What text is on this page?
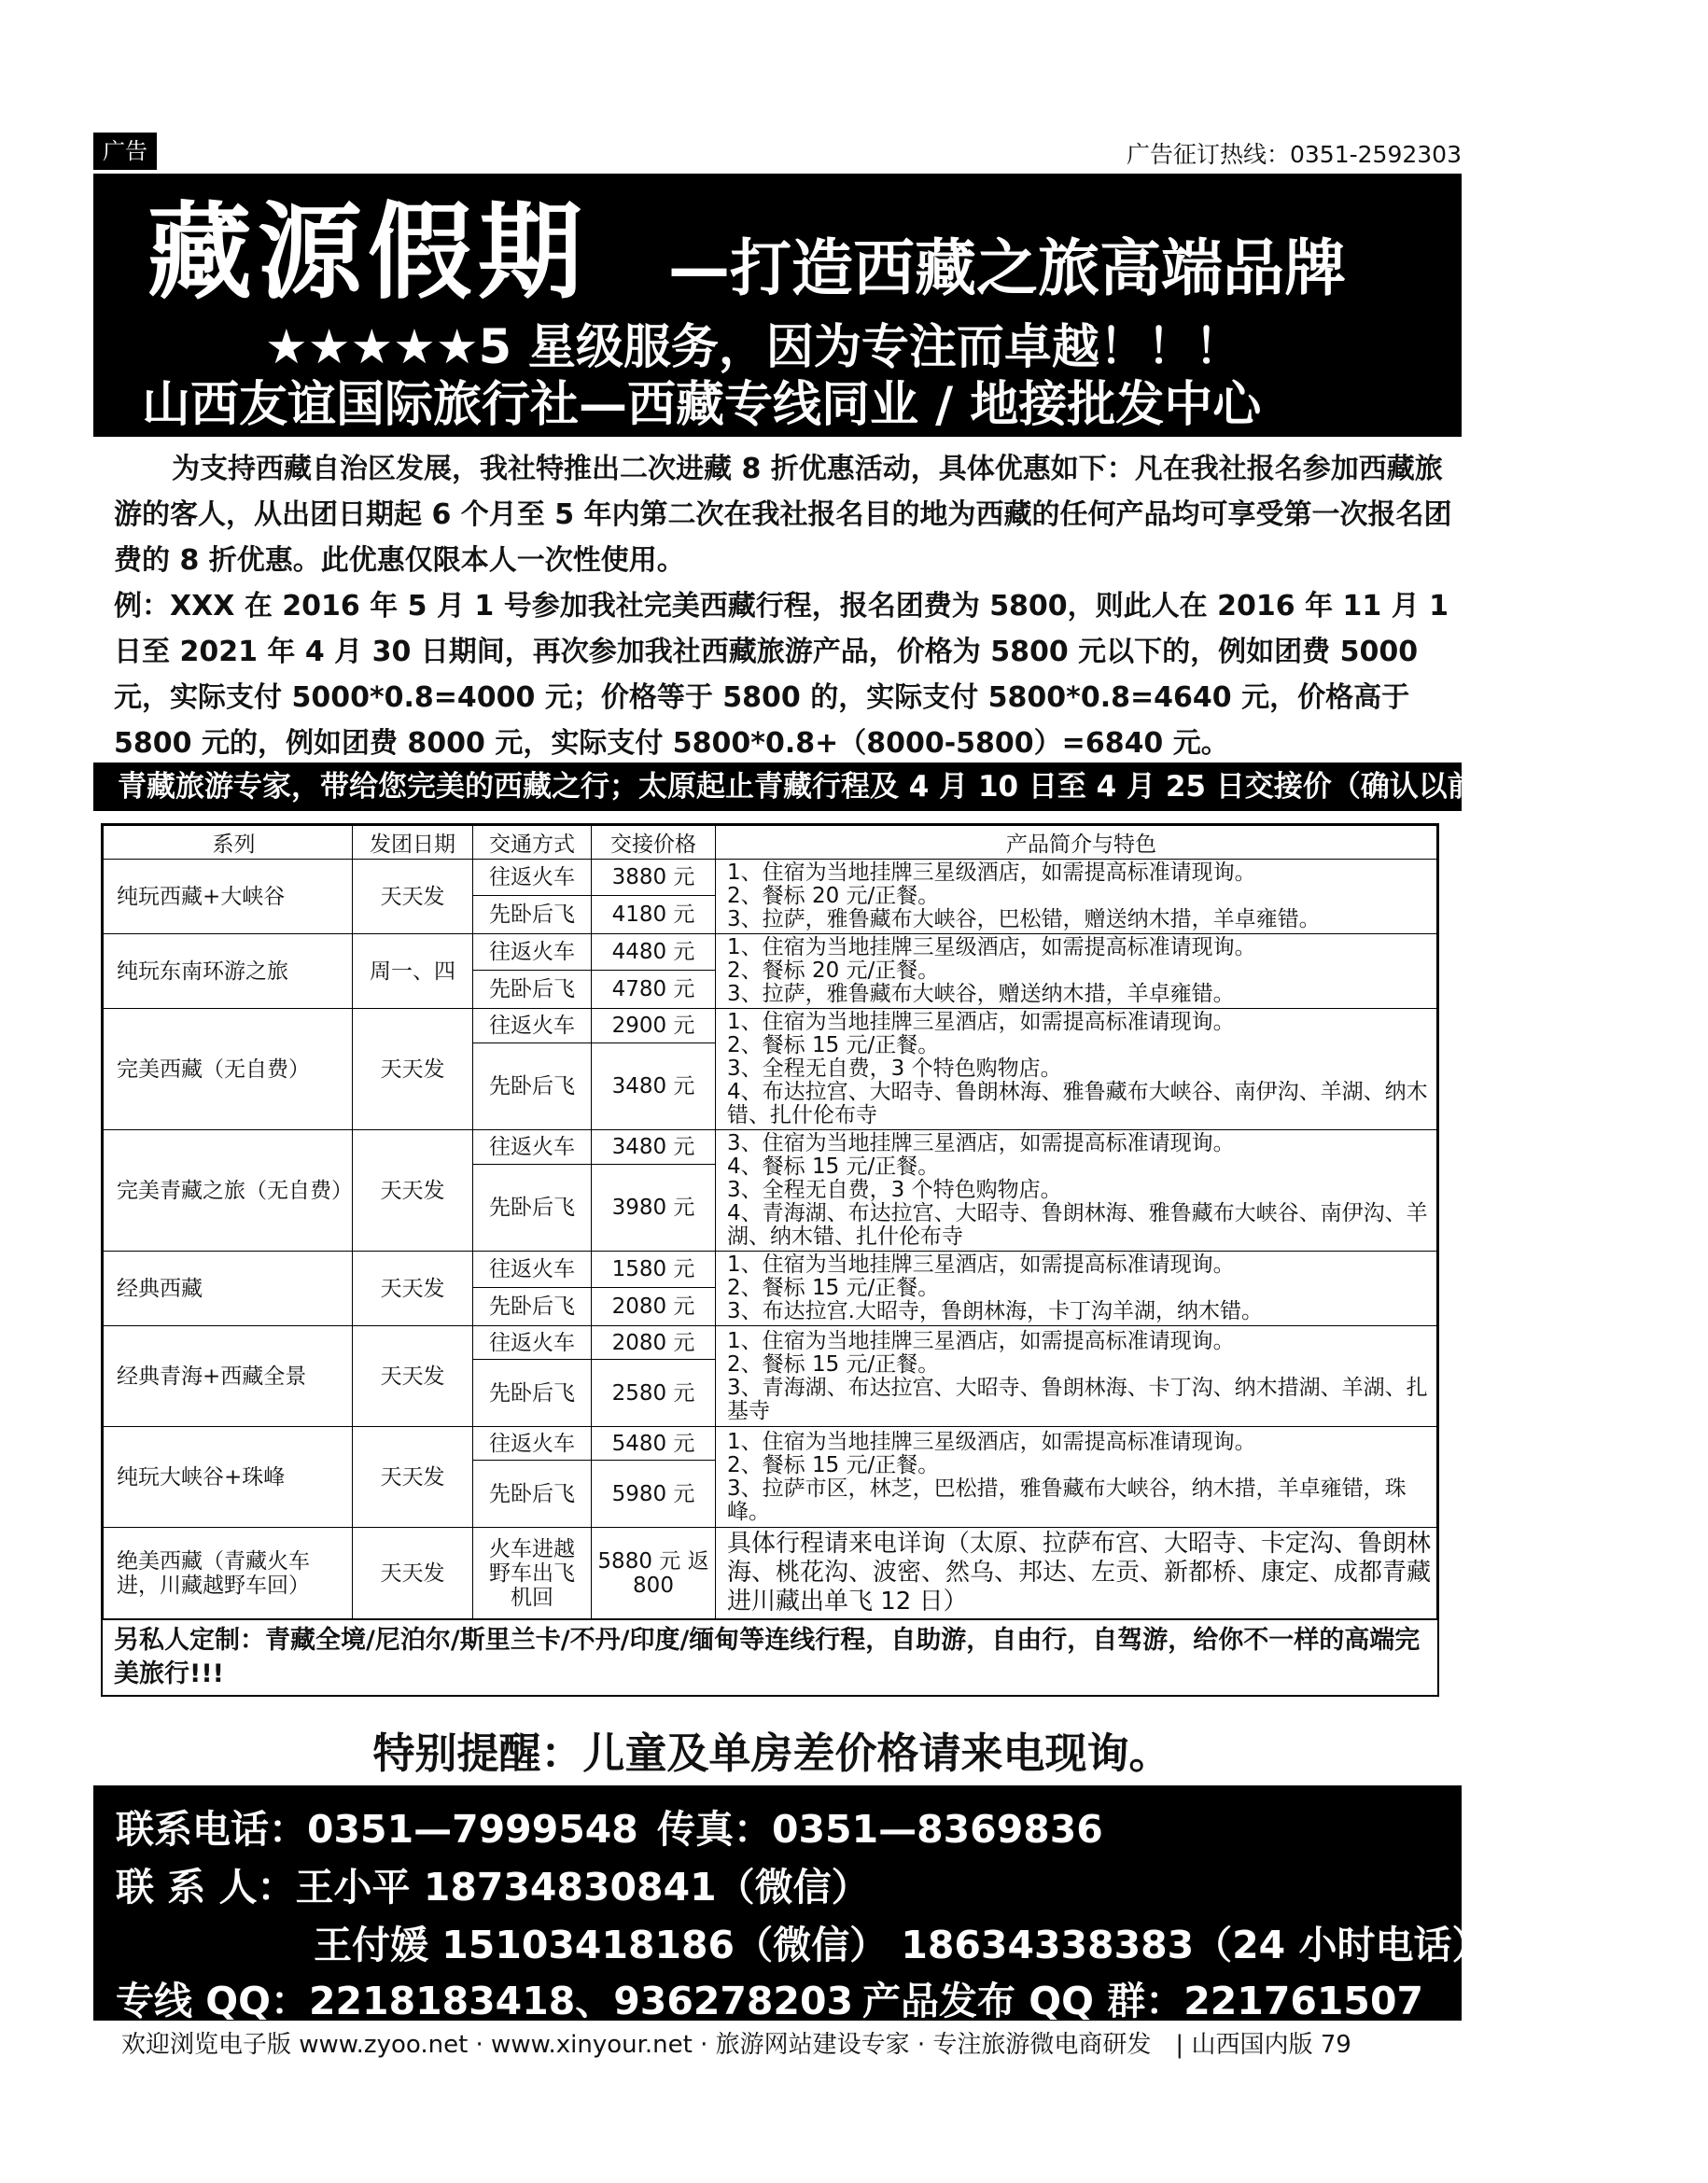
广告	广告征订热线：0351-2592303
藏源假期 —打造西藏之旅高端品牌
★★★★★5 星级服务，因为专注而卓越！！！
山西友谊国际旅行社—西藏专线同业 / 地接批发中心

为支持西藏自治区发展，我社特推出二次进藏 8 折优惠活动，具体优惠如下：凡在我社报名参加西藏旅游的客人，从出团日期起 6 个月至 5 年内第二次在我社报名目的地为西藏的任何产品均可享受第一次报名团费的 8 折优惠。此优惠仅限本人一次性使用。

例：XXX 在 2016 年 5 月 1 号参加我社完美西藏行程，报名团费为 5800，则此人在 2016 年 11 月 1 日至 2021 年 4 月 30 日期间，再次参加我社西藏旅游产品，价格为 5800 元以下的，例如团费 5000 元，实际支付 5000*0.8=4000 元；价格等于 5800 的，实际支付 5800*0.8=4640 元，价格高于 5800 元的，例如团费 8000 元，实际支付 5800*0.8+（8000-5800）=6840 元。

青藏旅游专家，带给您完美的西藏之行；太原起止青藏行程及 4 月 10 日至 4 月 25 日交接价（确认以前请确认最新报价）
系列	发团日期	交通方式	交接价格	产品简介与特色
纯玩西藏+大峡谷	天天发	往返火车	3880 元	1、住宿为当地挂牌三星级酒店，如需提高标准请现询。
2、餐标 20 元/正餐。
3、拉萨，雅鲁藏布大峡谷，巴松错，赠送纳木措，羊卓雍错。

		先卧后飞	4180 元	
纯玩东南环游之旅	周一、四	往返火车	4480 元	1、住宿为当地挂牌三星级酒店，如需提高标准请现询。
2、餐标 20 元/正餐。
3、拉萨，雅鲁藏布大峡谷，赠送纳木措，羊卓雍错。

		先卧后飞	4780 元	
完美西藏（无自费）	天天发	往返火车	2900 元	1、住宿为当地挂牌三星酒店，如需提高标准请现询。
2、餐标 15 元/正餐。
3、全程无自费，3 个特色购物店。
4、布达拉宫、大昭寺、鲁朗林海、雅鲁藏布大峡谷、南伊沟、羊湖、纳木错、扎什伦布寺

		先卧后飞	3480 元	
完美青藏之旅（无自费）	天天发	往返火车	3480 元	3、住宿为当地挂牌三星酒店，如需提高标准请现询。
4、餐标 15 元/正餐。
3、全程无自费，3 个特色购物店。
4、青海湖、布达拉宫、大昭寺、鲁朗林海、雅鲁藏布大峡谷、南伊沟、羊湖、纳木错、扎什伦布寺

		先卧后飞	3980 元	
经典西藏	天天发	往返火车	1580 元	1、住宿为当地挂牌三星酒店，如需提高标准请现询。
2、餐标 15 元/正餐。
3、布达拉宫.大昭寺，鲁朗林海，卡丁沟羊湖，纳木错。

		先卧后飞	2080 元	
经典青海+西藏全景	天天发	往返火车	2080 元	1、住宿为当地挂牌三星酒店，如需提高标准请现询。
2、餐标 15 元/正餐。
3、青海湖、布达拉宫、大昭寺、鲁朗林海、卡丁沟、纳木措湖、羊湖、扎基寺

		先卧后飞	2580 元	
纯玩大峡谷+珠峰	天天发	往返火车	5480 元	1、住宿为当地挂牌三星级酒店，如需提高标准请现询。
2、餐标 15 元/正餐。
3、拉萨市区，林芝，巴松措，雅鲁藏布大峡谷，纳木措，羊卓雍错，珠峰。

		先卧后飞	5980 元	
绝美西藏（青藏火车进，川藏越野车回）	天天发	火车进越野车出飞机回	5880 元 返 800	具体行程请来电详询（太原、拉萨布宫、大昭寺、卡定沟、鲁朗林海、桃花沟、波密、然乌、邦达、左贡、新都桥、康定、成都青藏进川藏出单飞 12 日）
另私人定制：青藏全境/尼泊尔/斯里兰卡/不丹/印度/缅甸等连线行程，自助游，自由行，自驾游，给你不一样的高端完美旅行!!!
特别提醒：儿童及单房差价格请来电现询。
联系电话：0351—7999548 传真：0351—8369836
联 系 人：王小平 18734830841（微信）
王付媛 15103418186（微信） 18634338383（24 小时电话）
专线 QQ：2218183418、936278203 产品发布 QQ 群：221761507
欢迎浏览电子版 www.zyoo.net · www.xinyour.net · 旅游网站建设专家 · 专注旅游微电商研发　| 山西国内版 79
